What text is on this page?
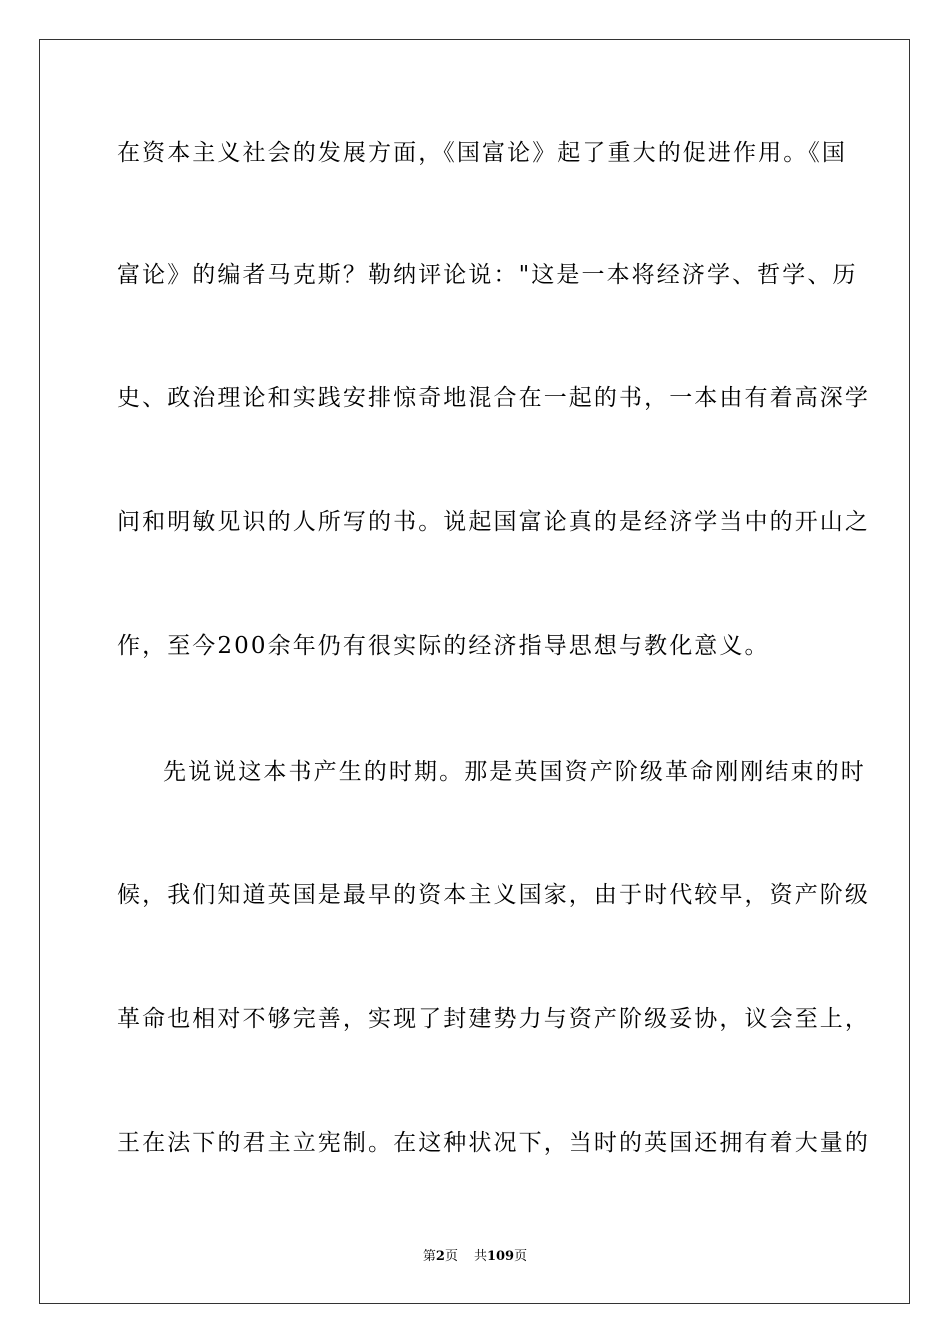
在资本主义社会的发展方面，《国富论》起了重大的促进作用。《国
富论》的编者马克斯？勒纳评论说："这是一本将经济学、哲学、历
史、政治理论和实践安排惊奇地混合在一起的书，一本由有着高深学
问和明敏见识的人所写的书。说起国富论真的是经济学当中的开山之
作，至今200余年仍有很实际的经济指导思想与教化意义。
先说说这本书产生的时期。那是英国资产阶级革命刚刚结束的时
候，我们知道英国是最早的资本主义国家，由于时代较早，资产阶级
革命也相对不够完善，实现了封建势力与资产阶级妥协，议会至上，
王在法下的君主立宪制。在这种状况下，当时的英国还拥有着大量的
第2页 共109页
